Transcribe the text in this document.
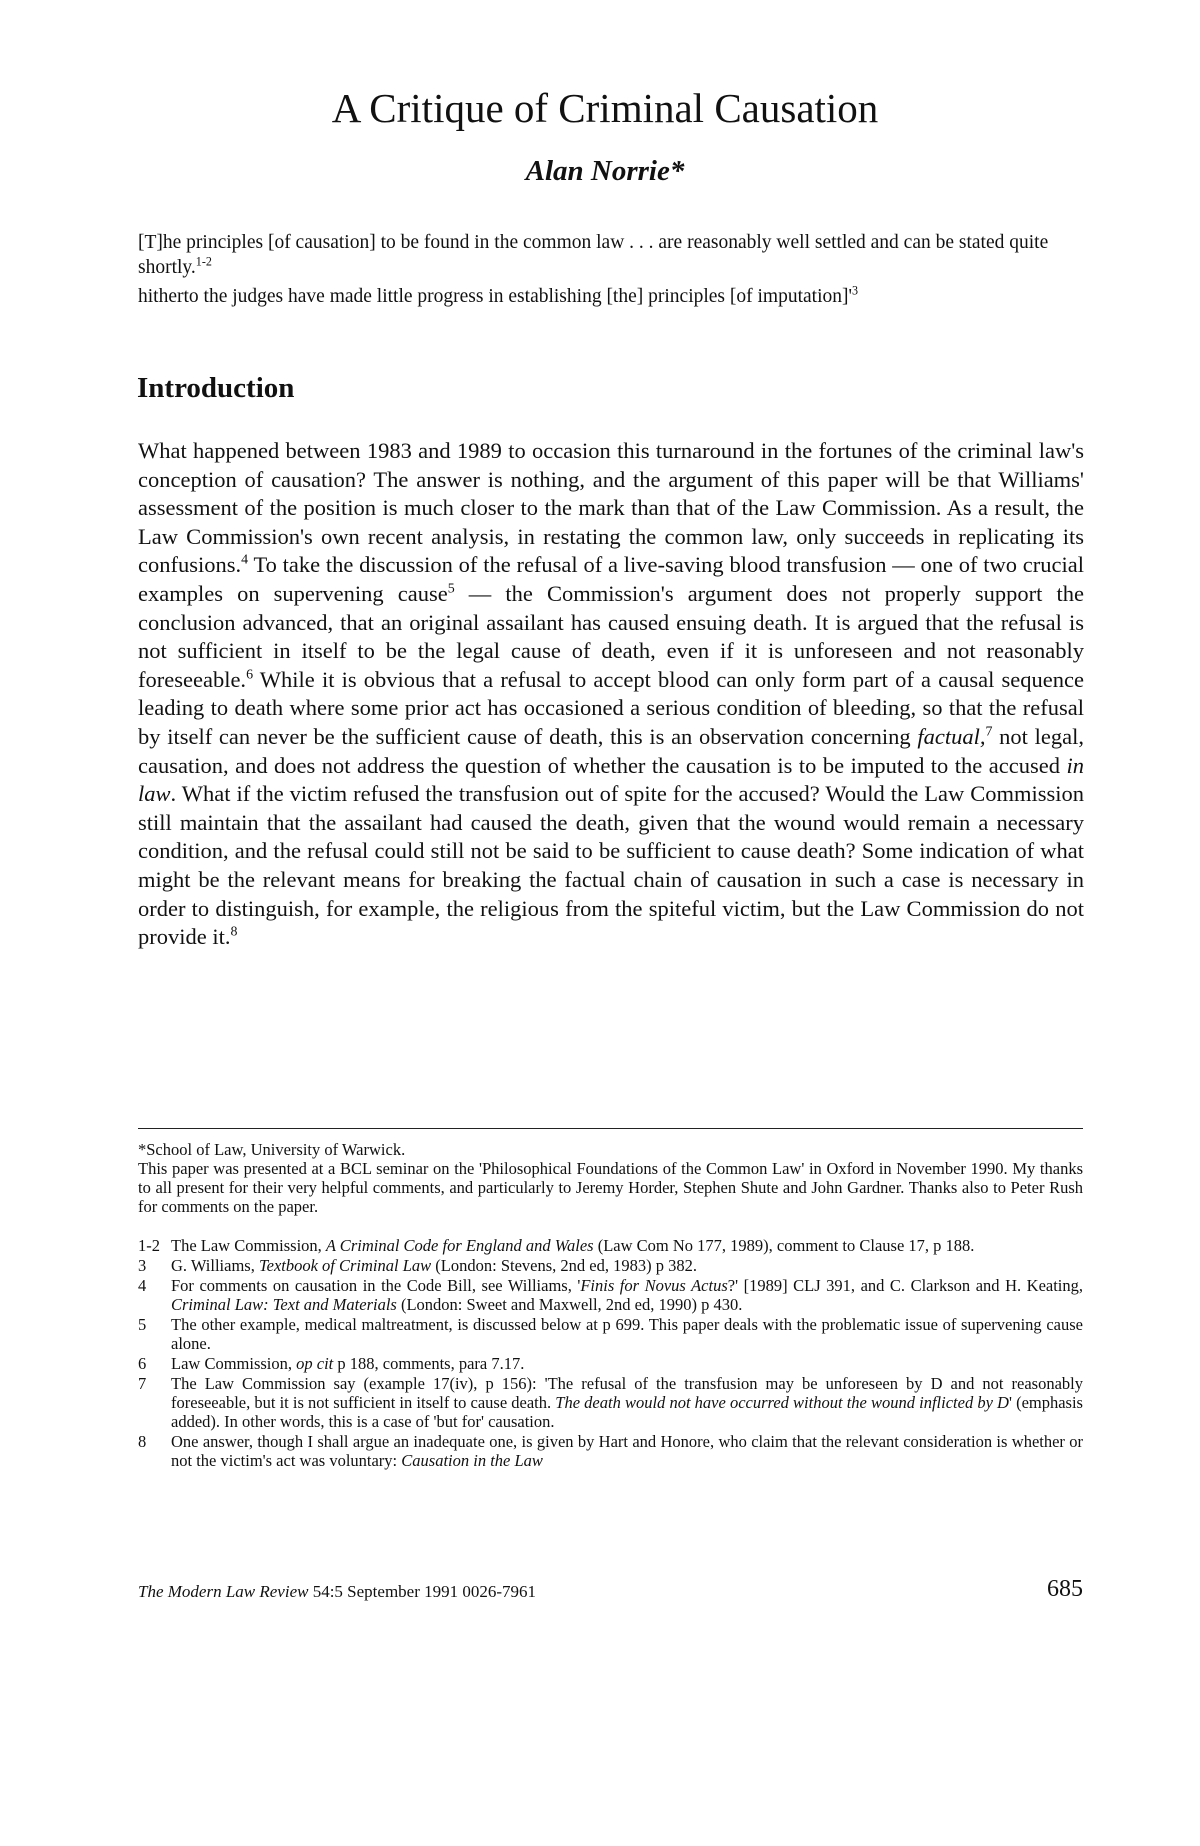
A Critique of Criminal Causation
Alan Norrie*
[T]he principles [of causation] to be found in the common law . . . are reasonably well settled and can be stated quite shortly.$^{1-2}$
hitherto the judges have made little progress in establishing [the] principles [of $imputation]'^3$
Introduction

What happened between 1983 and 1989 to occasion this turnaround in the fortunes of the criminal law's conception of causation? The answer is nothing, and the argument of this paper will be that Williams' assessment of the position is much closer to the mark than that of the Law Commission. As a result, the Law Commission's own recent analysis, in restating the common law, only succeeds in replicating its confusions.$^4$ To take the discussion of the refusal of a live-saving blood transfusion — one of two crucial examples on supervening cause$^5$ — the Commission's argument does not properly support the conclusion advanced, that an original assailant has caused ensuing death. It is argued that the refusal is not sufficient in itself to be the legal cause of death, even if it is unforeseen and not reasonably foreseeable.$^6$ While it is obvious that a refusal to accept blood can only form part of a causal sequence leading to death where some prior act has occasioned a serious condition of bleeding, so that the refusal by itself can never be the sufficient cause of death, this is an observation concerning factual,$^7$ not legal, causation, and does not address the question of whether the causation is to be imputed to the accused in law. What if the victim refused the transfusion out of spite for the accused? Would the Law Commission still maintain that the assailant had caused the death, given that the wound would remain a necessary condition, and the refusal could still not be said to be sufficient to cause death? Some indication of what might be the relevant means for breaking the factual chain of causation in such a case is necessary in order to distinguish, for example, the religious from the spiteful victim, but the Law Commission do not provide it.$^8$

*School of Law, University of Warwick.
This paper was presented at a BCL seminar on the 'Philosophical Foundations of the Common Law' in Oxford in November 1990. My thanks to all present for their very helpful comments, and particularly to Jeremy Horder, Stephen Shute and John Gardner. Thanks also to Peter Rush for comments on the paper.
1-2 The Law Commission, A Criminal Code for England and Wales (Law Com No 177, 1989), comment to Clause 17, p 188.
3	G. Williams, Textbook of Criminal Law (London: Stevens, 2nd ed, 1983) p 382.
4	For comments on causation in the Code Bill, see Williams, 'Finis for Novus Actus?' [1989] CLJ 391, and C. Clarkson and H. Keating, Criminal Law: Text and Materials (London: Sweet and Maxwell, 2nd ed, 1990) p 430.
5	The other example, medical maltreatment, is discussed below at p 699. This paper deals with the problematic issue of supervening cause alone.
6	Law Commission, op cit p 188, comments, para 7.17.
7	The Law Commission say (example 17(iv), p 156): 'The refusal of the transfusion may be unforeseen by D and not reasonably foreseeable, but it is not sufficient in itself to cause death. The death would not have occurred without the wound inflicted by D' (emphasis added). In other words, this is a case of 'but for' causation.
8	One answer, though I shall argue an inadequate one, is given by Hart and Honore, who claim that the relevant consideration is whether or not the victim's act was voluntary: Causation in the Law
The Modern Law Review 54:5 September 1991 0026-7961	685
